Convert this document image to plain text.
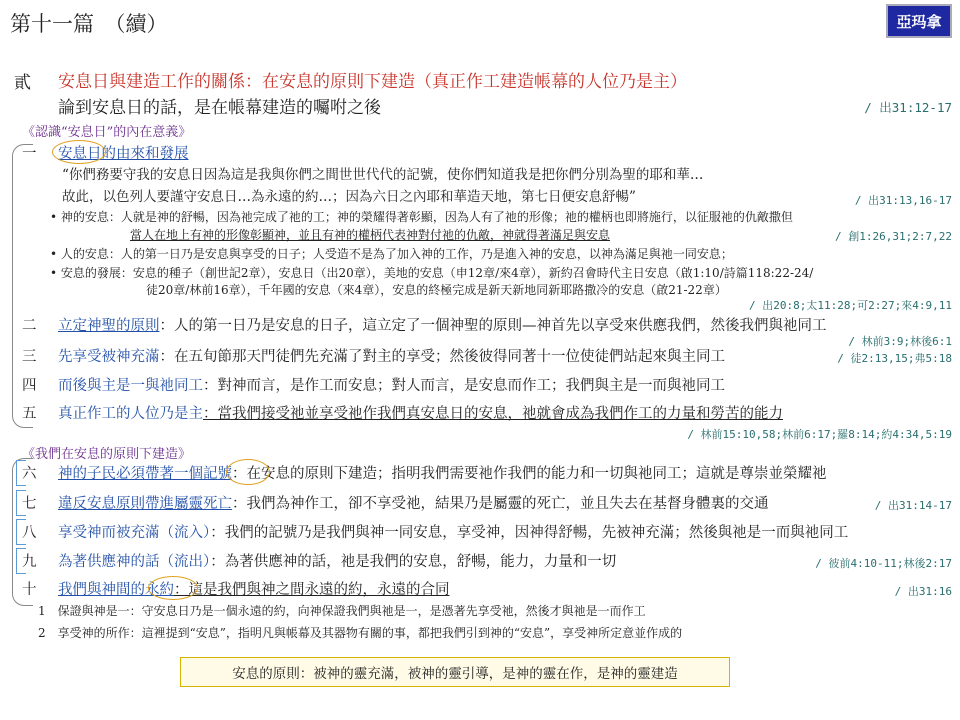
第十一篇　（續）	亞玛拿
貳 安息日與建造工作的關係：在安息的原則下建造（真正作工建造帳幕的人位乃是主）
論到安息日的話，是在帳幕建造的囑咐之後	/ 出31:12-17
《認識“安息日”的內在意義》
一 安息日的由來和發展
“你們務要守我的安息日因為這是我與你們之間世世代代的記號，使你們知道我是把你們分別為聖的耶和華…
故此，以色列人要謹守安息日…為永遠的約…；因為六日之內耶和華造天地，第七日便安息舒暢”	/ 出31:13,16-17
• 神的安息：人就是神的舒暢，因為祂完成了祂的工；神的榮耀得著彰顯，因為人有了祂的形像；祂的權柄也即將施行，以征服祂的仇敵撒但
當人在地上有神的形像彰顯神，並且有神的權柄代表神對付祂的仇敵，神就得著滿足與安息	/ 創1:26,31;2:7,22
• 人的安息：人的第一日乃是安息與享受的日子；人受造不是為了加入神的工作，乃是進入神的安息，以神為滿足與祂一同安息；
• 安息的發展：安息的種子（創世記2章），安息日（出20章），美地的安息（申12章/來4章），新約召會時代主日安息（啟1:10/詩篇118:22-24/
徒20章/林前16章），千年國的安息（來4章），安息的終極完成是新天新地同新耶路撒冷的安息（啟21-22章）
/ 出20:8;太11:28;可2:27;來4:9,11
二 立定神聖的原則：人的第一日乃是安息的日子，這立定了一個神聖的原則—神首先以享受來供應我們，然後我們與祂同工
/ 林前3:9;林後6:1
三 先享受被神充滿：在五旬節那天門徒們先充滿了對主的享受；然後彼得同著十一位使徒們站起來與主同工	/ 徒2:13,15;弗5:18
四 而後與主是一與祂同工：對神而言，是作工而安息；對人而言，是安息而作工；我們與主是一而與祂同工
五 真正作工的人位乃是主：當我們接受祂並享受祂作我們真安息日的安息，祂就會成為我們作工的力量和勞苦的能力
/ 林前15:10,58;林前6:17;羅8:14;約4:34,5:19
《我們在安息的原則下建造》
六 神的子民必須帶著一個記號：在安息的原則下建造；指明我們需要祂作我們的能力和一切與祂同工；這就是尊崇並榮耀祂
七 違反安息原則帶進屬靈死亡：我們為神作工，卻不享受祂，結果乃是屬靈的死亡，並且失去在基督身體裏的交通	/ 出31:14-17
八 享受神而被充滿（流入）：我們的記號乃是我們與神一同安息，享受神，因神得舒暢，先被神充滿；然後與祂是一而與祂同工
九 為著供應神的話（流出）：為著供應神的話，祂是我們的安息，舒暢，能力，力量和一切	/ 彼前4:10-11;林後2:17
十 我們與神間的永約：這是我們與神之間永遠的約，永遠的合同	/ 出31:16
1　保證與神是一：守安息日乃是一個永遠的約，向神保證我們與祂是一，是憑著先享受祂，然後才與祂是一而作工
2　享受神的所作：這裡提到“安息”，指明凡與帳幕及其器物有關的事，都把我們引到神的“安息”，享受神所定意並作成的
安息的原則：被神的靈充滿，被神的靈引導，是神的靈在作，是神的靈建造
